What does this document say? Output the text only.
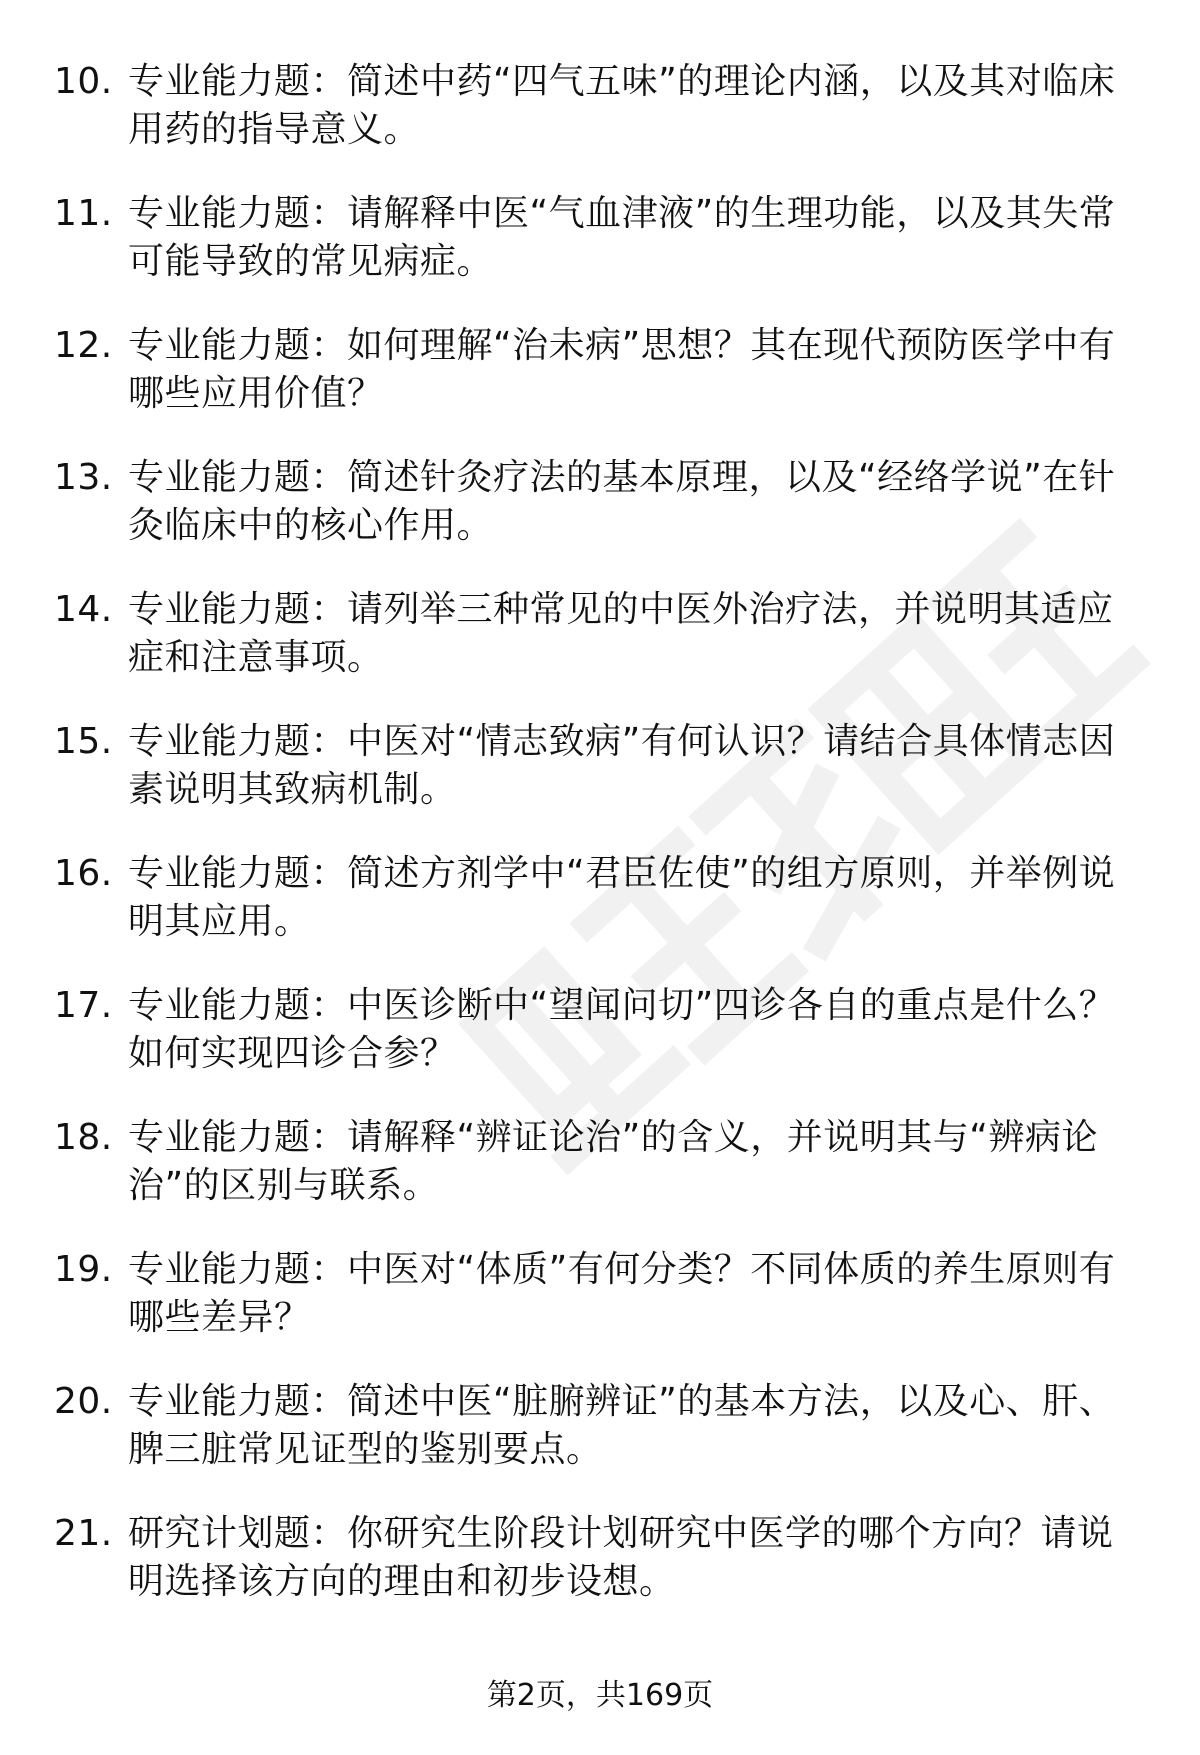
10. 专业能力题：简述中药“四气五味”的理论内涵，以及其对临床用药的指导意义。
11. 专业能力题：请解释中医“气血津液”的生理功能，以及其失常可能导致的常见病症。
12. 专业能力题：如何理解“治未病”思想？其在现代预防医学中有哪些应用价值？
13. 专业能力题：简述针灸疗法的基本原理，以及“经络学说”在针灸临床中的核心作用。
14. 专业能力题：请列举三种常见的中医外治疗法，并说明其适应症和注意事项。
15. 专业能力题：中医对“情志致病”有何认识？请结合具体情志因素说明其致病机制。
16. 专业能力题：简述方剂学中“君臣佐使”的组方原则，并举例说明其应用。
17. 专业能力题：中医诊断中“望闻问切”四诊各自的重点是什么？如何实现四诊合参？
18. 专业能力题：请解释“辨证论治”的含义，并说明其与“辨病论治”的区别与联系。
19. 专业能力题：中医对“体质”有何分类？不同体质的养生原则有哪些差异？
20. 专业能力题：简述中医“脏腑辨证”的基本方法，以及心、肝、脾三脏常见证型的鉴别要点。
21. 研究计划题：你研究生阶段计划研究中医学的哪个方向？请说明选择该方向的理由和初步设想。
第2页，共169页
